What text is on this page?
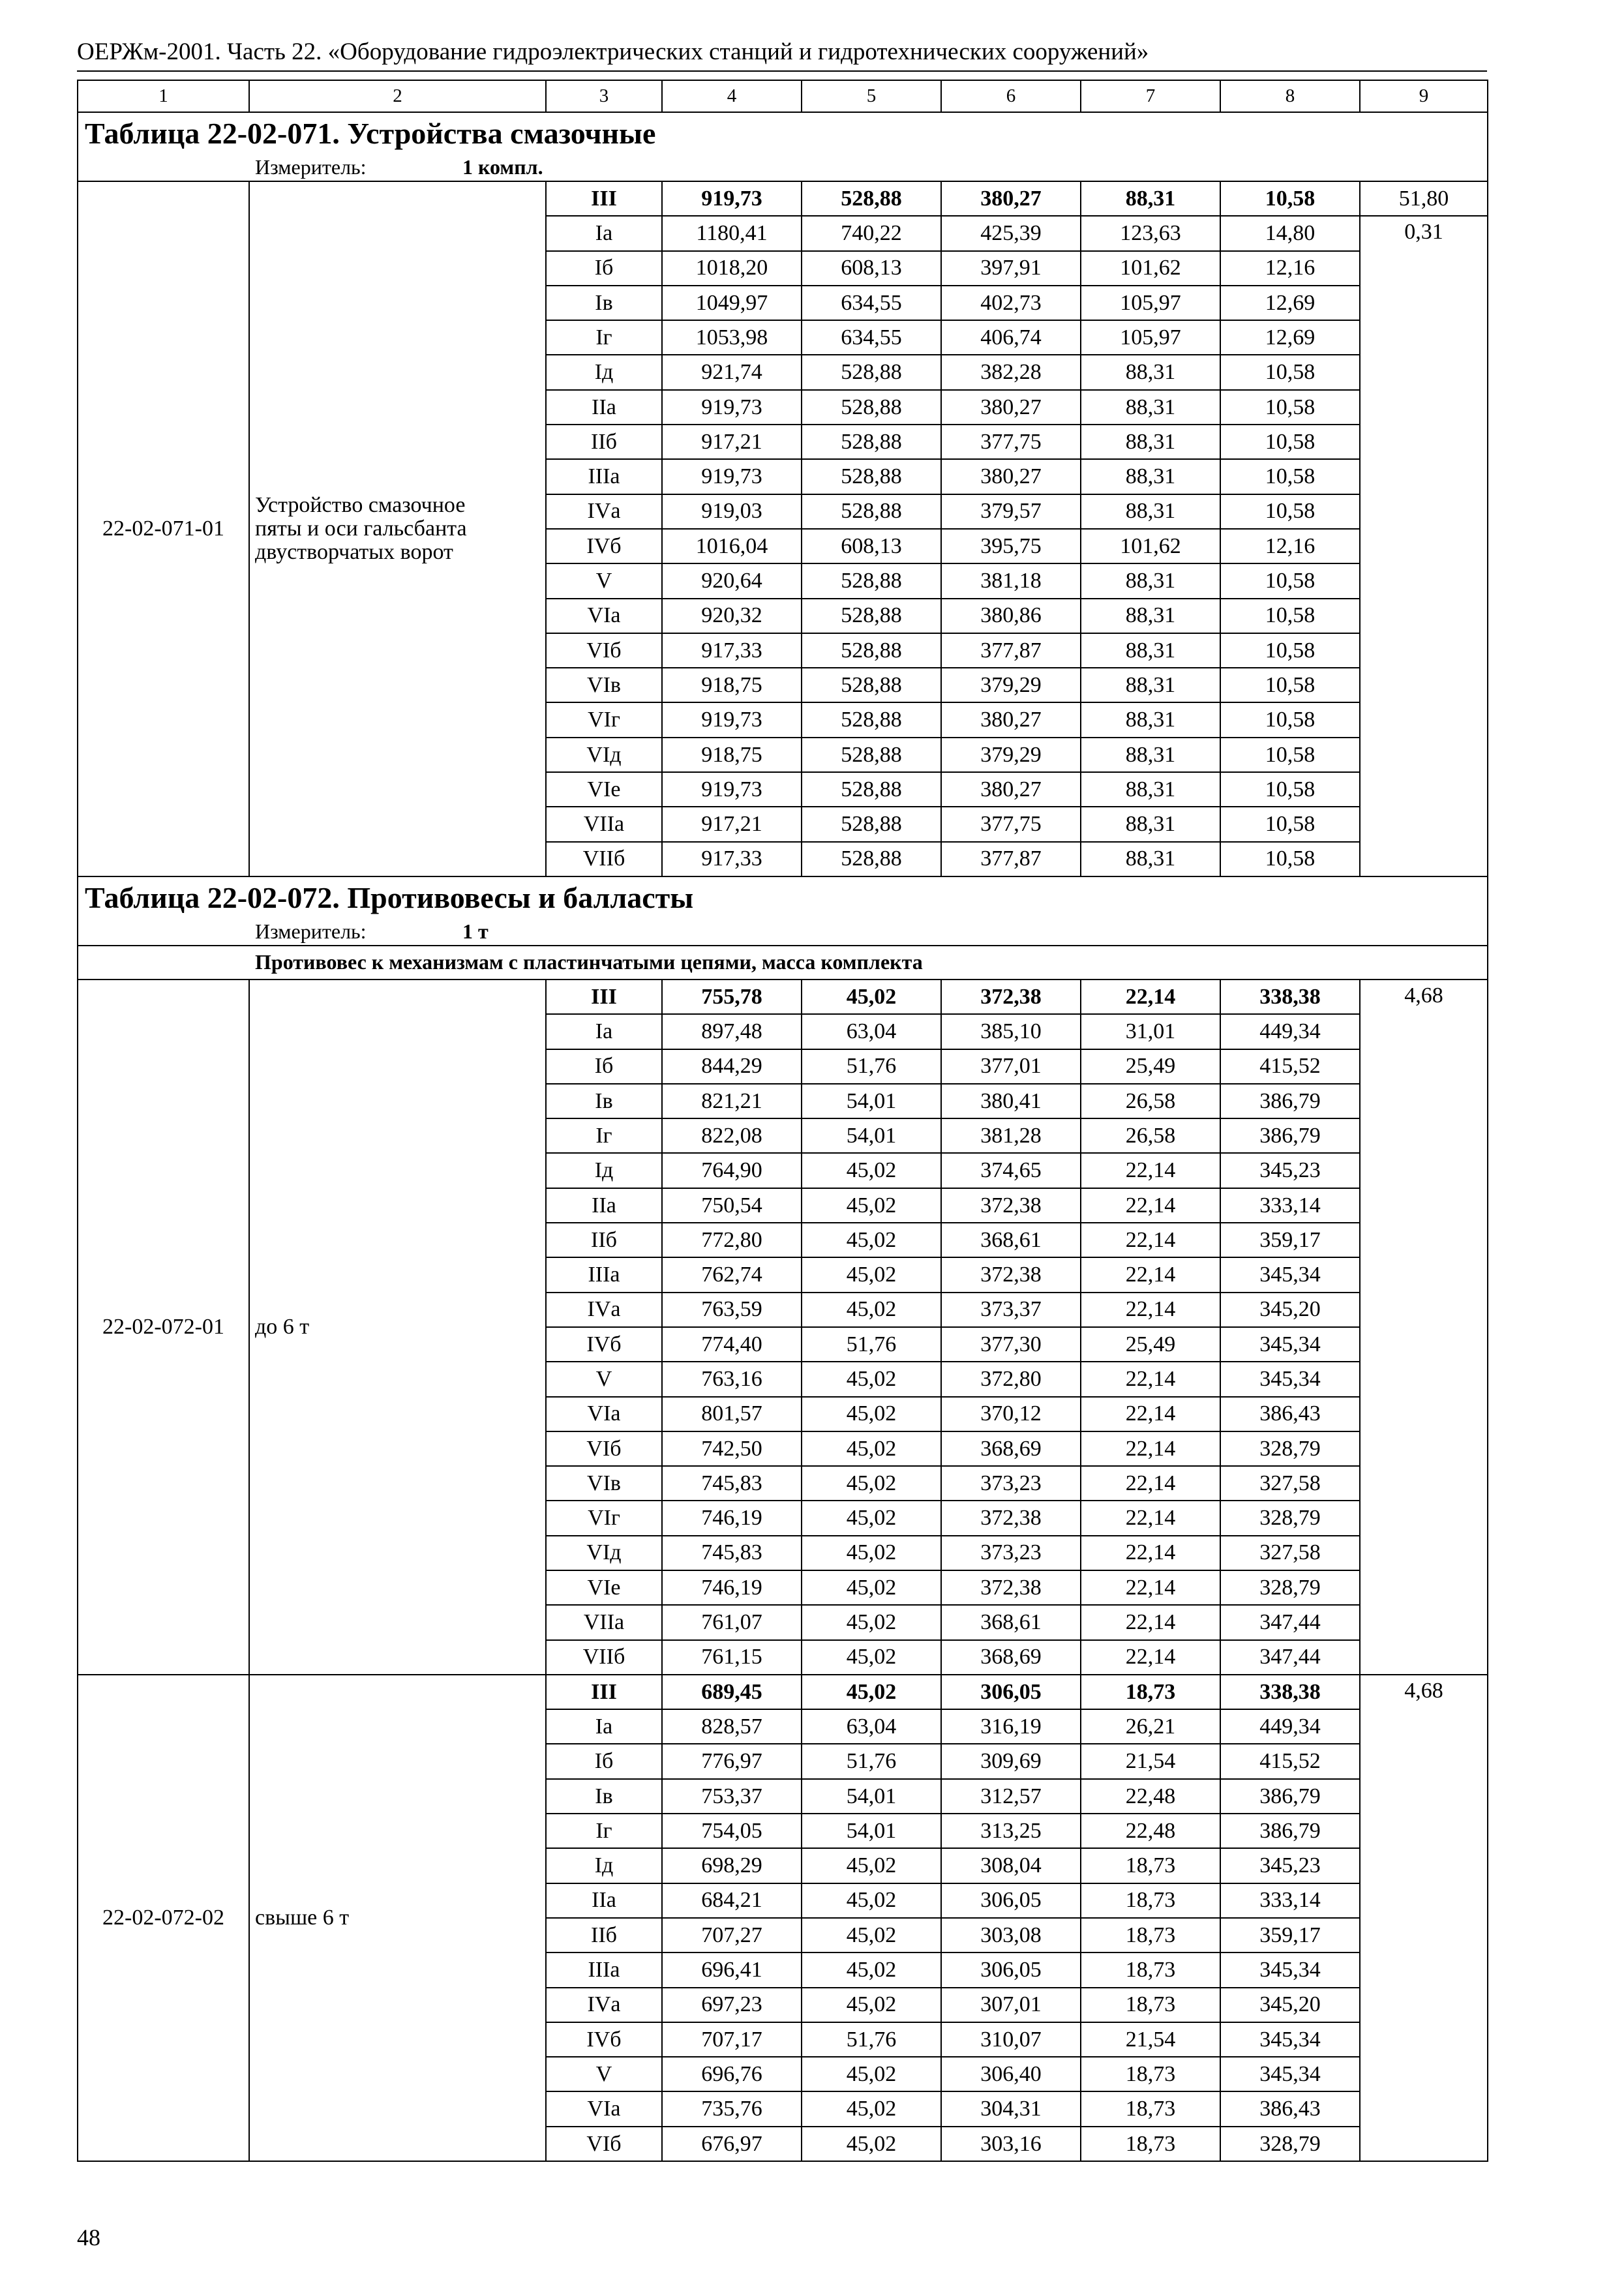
ОЕРЖм-2001. Часть 22. «Оборудование гидроэлектрических станций и гидротехнических сооружений»
1	2	3	4	5	6	7	8	9
Таблица 22-02-071. Устройства смазочные								
Измеритель: 1 компл.								
22-02-071-01	Устройство смазочное
пяты и оси гальсбанта
двустворчатых ворот	III	919,73	528,88	380,27	88,31	10,58	51,80
		Iа	1180,41	740,22	425,39	123,63	14,80	0,31
		Iб	1018,20	608,13	397,91	101,62	12,16	
		Iв	1049,97	634,55	402,73	105,97	12,69	
		Iг	1053,98	634,55	406,74	105,97	12,69	
		Iд	921,74	528,88	382,28	88,31	10,58	
		IIа	919,73	528,88	380,27	88,31	10,58	
		IIб	917,21	528,88	377,75	88,31	10,58	
		IIIа	919,73	528,88	380,27	88,31	10,58	
		IVа	919,03	528,88	379,57	88,31	10,58	
		IVб	1016,04	608,13	395,75	101,62	12,16	
		V	920,64	528,88	381,18	88,31	10,58	
		VIа	920,32	528,88	380,86	88,31	10,58	
		VIб	917,33	528,88	377,87	88,31	10,58	
		VIв	918,75	528,88	379,29	88,31	10,58	
		VIг	919,73	528,88	380,27	88,31	10,58	
		VIд	918,75	528,88	379,29	88,31	10,58	
		VIе	919,73	528,88	380,27	88,31	10,58	
		VIIа	917,21	528,88	377,75	88,31	10,58	
		VIIб	917,33	528,88	377,87	88,31	10,58	
Таблица 22-02-072. Противовесы и балласты								
Измеритель: 1 т								
Противовес к механизмам с пластинчатыми цепями, масса комплекта								
22-02-072-01	до 6 т	III	755,78	45,02	372,38	22,14	338,38	4,68
		Iа	897,48	63,04	385,10	31,01	449,34	
		Iб	844,29	51,76	377,01	25,49	415,52	
		Iв	821,21	54,01	380,41	26,58	386,79	
		Iг	822,08	54,01	381,28	26,58	386,79	
		Iд	764,90	45,02	374,65	22,14	345,23	
		IIа	750,54	45,02	372,38	22,14	333,14	
		IIб	772,80	45,02	368,61	22,14	359,17	
		IIIа	762,74	45,02	372,38	22,14	345,34	
		IVа	763,59	45,02	373,37	22,14	345,20	
		IVб	774,40	51,76	377,30	25,49	345,34	
		V	763,16	45,02	372,80	22,14	345,34	
		VIа	801,57	45,02	370,12	22,14	386,43	
		VIб	742,50	45,02	368,69	22,14	328,79	
		VIв	745,83	45,02	373,23	22,14	327,58	
		VIг	746,19	45,02	372,38	22,14	328,79	
		VIд	745,83	45,02	373,23	22,14	327,58	
		VIе	746,19	45,02	372,38	22,14	328,79	
		VIIа	761,07	45,02	368,61	22,14	347,44	
		VIIб	761,15	45,02	368,69	22,14	347,44	
22-02-072-02	свыше 6 т	III	689,45	45,02	306,05	18,73	338,38	4,68
		Iа	828,57	63,04	316,19	26,21	449,34	
		Iб	776,97	51,76	309,69	21,54	415,52	
		Iв	753,37	54,01	312,57	22,48	386,79	
		Iг	754,05	54,01	313,25	22,48	386,79	
		Iд	698,29	45,02	308,04	18,73	345,23	
		IIа	684,21	45,02	306,05	18,73	333,14	
		IIб	707,27	45,02	303,08	18,73	359,17	
		IIIа	696,41	45,02	306,05	18,73	345,34	
		IVа	697,23	45,02	307,01	18,73	345,20	
		IVб	707,17	51,76	310,07	21,54	345,34	
		V	696,76	45,02	306,40	18,73	345,34	
		VIа	735,76	45,02	304,31	18,73	386,43	
		VIб	676,97	45,02	303,16	18,73	328,79	
48
